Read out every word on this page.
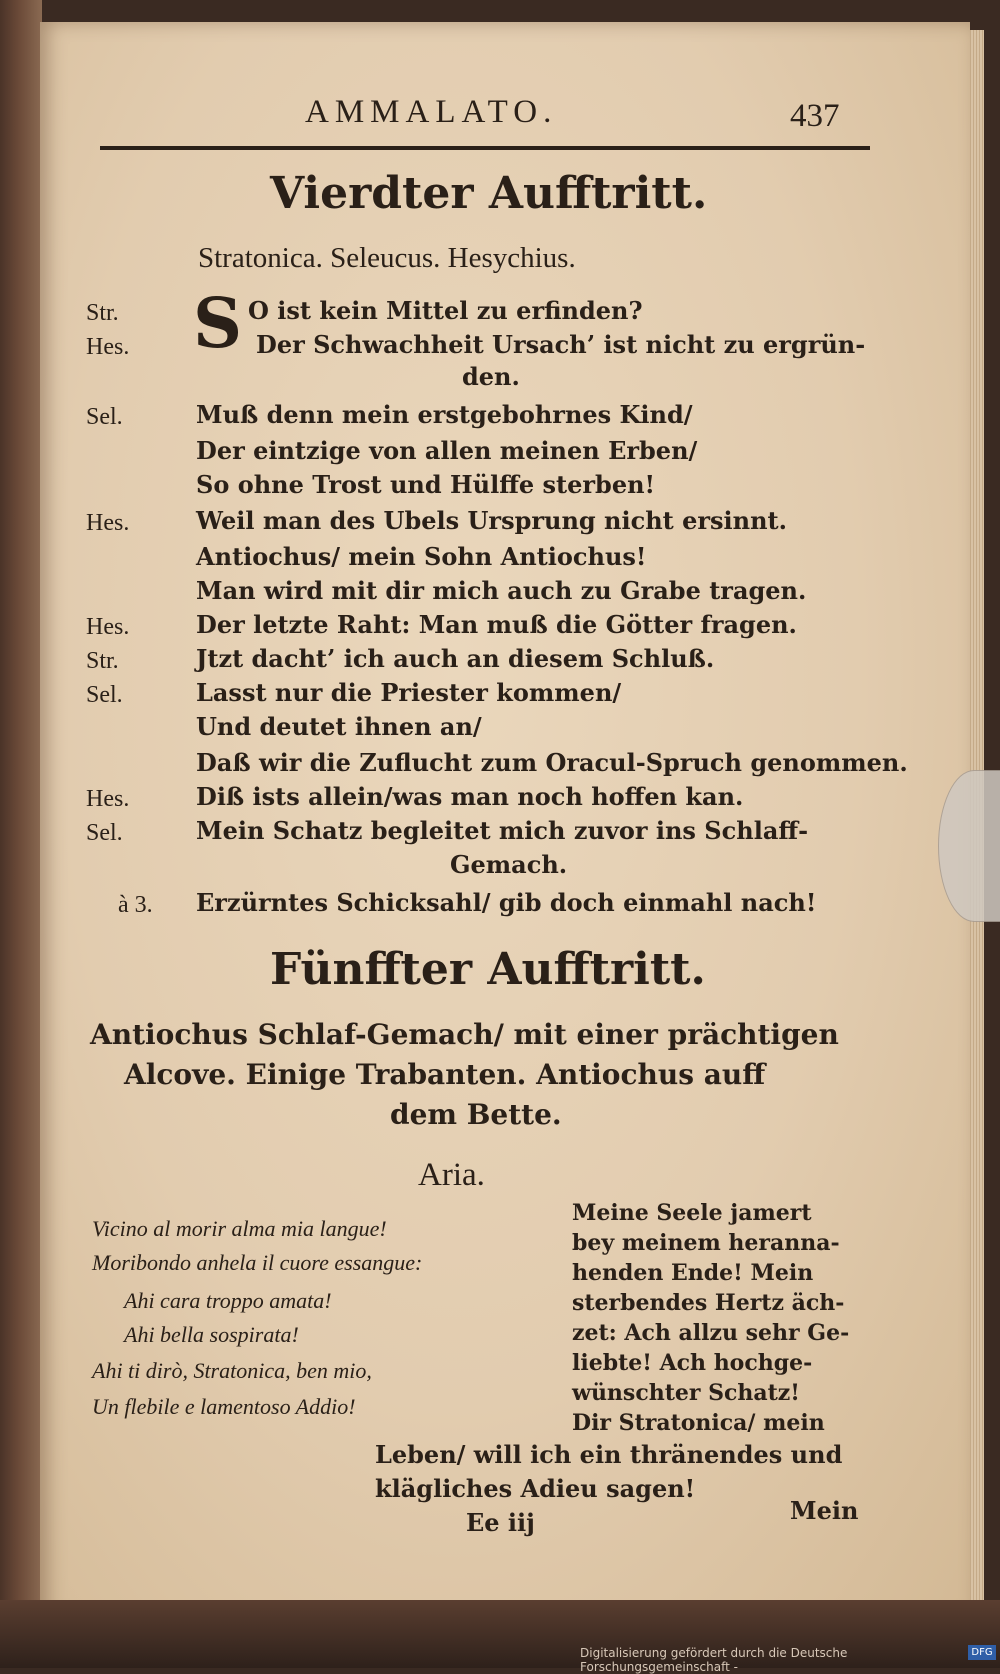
AMMALATO.	437
Vierdter Aufftritt.
Stratonica. Seleucus. Hesychius.
S
Str.	O ist kein Mittel zu erfinden?
Hes.	Der Schwachheit Ursach’ ist nicht zu ergrün-
den.
Sel.	Muß denn mein erstgebohrnes Kind/
Der eintzige von allen meinen Erben/
So ohne Trost und Hülffe sterben!
Hes.	Weil man des Ubels Ursprung nicht ersinnt.
Antiochus/ mein Sohn Antiochus!
Man wird mit dir mich auch zu Grabe tragen.
Hes.	Der letzte Raht: Man muß die Götter fragen.
Str.	Jtzt dacht’ ich auch an diesem Schluß.
Sel.	Lasst nur die Priester kommen/
Und deutet ihnen an/
Daß wir die Zuflucht zum Oracul-Spruch genommen.
Hes.	Diß ists allein/was man noch hoffen kan.
Sel.	Mein Schatz begleitet mich zuvor ins Schlaff-
Gemach.
à 3. Erzürntes Schicksahl/ gib doch einmahl nach!
Fünffter Aufftritt.
Antiochus Schlaf-Gemach/ mit einer prächtigen
Alcove. Einige Trabanten. Antiochus auff
dem Bette.
Aria.
Vicino al morir alma mia langue!
Moribondo anhela il cuore essangue:
Ahi cara troppo amata!
Ahi bella sospirata!
Ahi ti dirò, Stratonica, ben mio,
Un flebile e lamentoso Addio!
Meine Seele jamert
bey meinem heranna-
henden Ende! Mein
sterbendes Hertz äch-
zet: Ach allzu sehr Ge-
liebte! Ach hochge-
wünschter Schatz!
Dir Stratonica/ mein
Leben/ will ich ein thränendes und
klägliches Adieu sagen!
Ee iij	Mein
Digitalisierung gefördert durch die Deutsche Forschungsgemeinschaft -
DFG
